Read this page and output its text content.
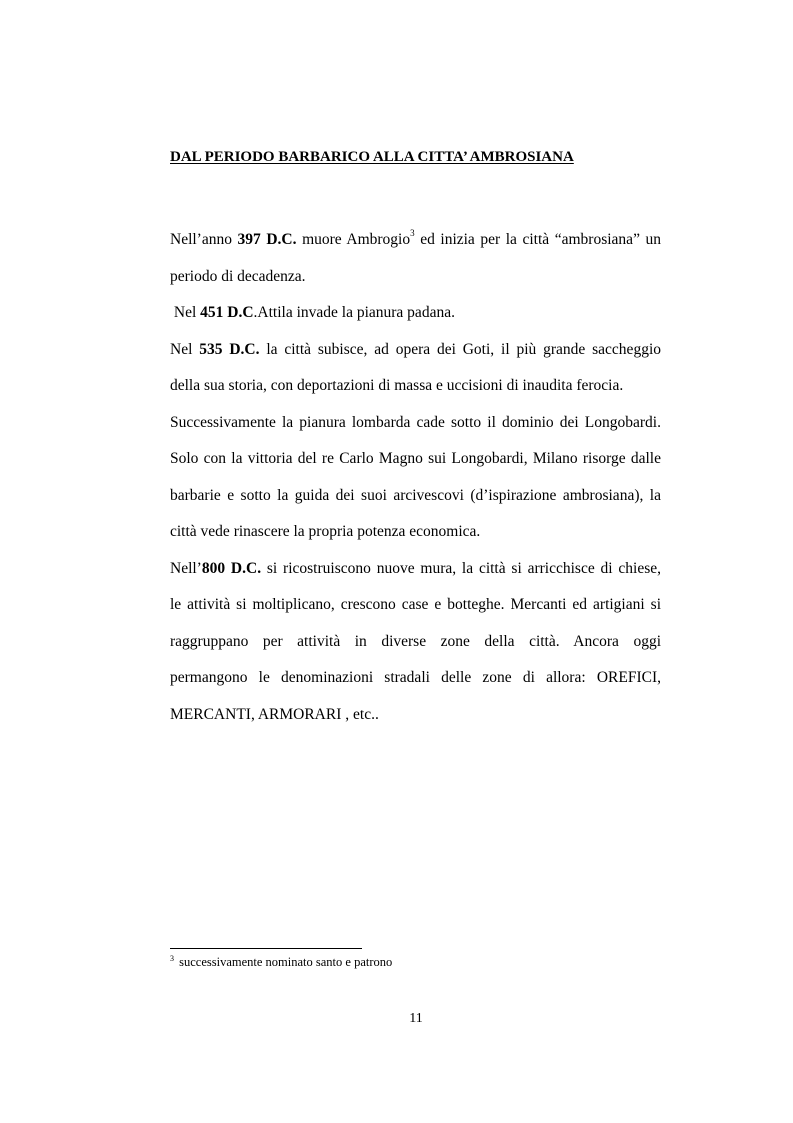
DAL PERIODO BARBARICO ALLA CITTA’ AMBROSIANA
Nell’anno 397 D.C. muore Ambrogio$^3$ ed inizia per la città “ambrosiana” un
periodo di decadenza.
Nel 451 D.C.Attila invade la pianura padana.
Nel 535 D.C. la città subisce, ad opera dei Goti, il più grande saccheggio
della sua storia, con deportazioni di massa e uccisioni di inaudita ferocia.
Successivamente la pianura lombarda cade sotto il dominio dei Longobardi.
Solo con la vittoria del re Carlo Magno sui Longobardi, Milano risorge dalle
barbarie e sotto la guida dei suoi arcivescovi (d’ispirazione ambrosiana), la
città vede rinascere la propria potenza economica.
Nell’800 D.C. si ricostruiscono nuove mura, la città si arricchisce di chiese,
le attività si moltiplicano, crescono case e botteghe. Mercanti ed artigiani si
raggruppano per attività in diverse zone della città. Ancora oggi
permangono le denominazioni stradali delle zone di allora: OREFICI,
MERCANTI, ARMORARI , etc..
$^3$ successivamente nominato santo e patrono
11
